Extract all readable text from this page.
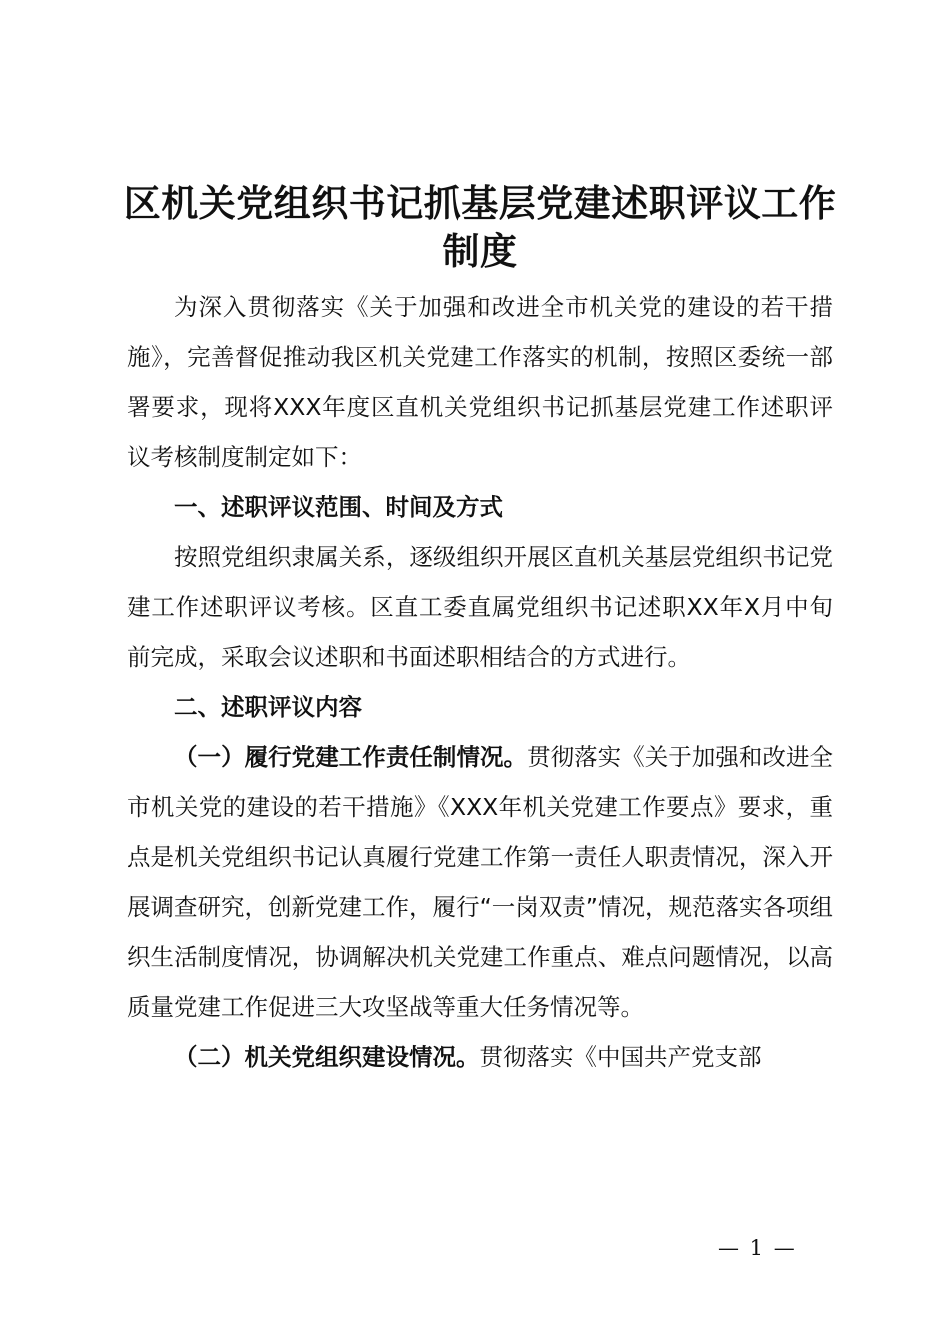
区机关党组织书记抓基层党建述职评议工作制度

为深入贯彻落实《关于加强和改进全市机关党的建设的若干措施》，完善督促推动我区机关党建工作落实的机制，按照区委统一部署要求，现将XXX年度区直机关党组织书记抓基层党建工作述职评议考核制度制定如下：

一、述职评议范围、时间及方式

按照党组织隶属关系，逐级组织开展区直机关基层党组织书记党建工作述职评议考核。区直工委直属党组织书记述职XX年X月中旬前完成，采取会议述职和书面述职相结合的方式进行。

二、述职评议内容

（一）履行党建工作责任制情况。贯彻落实《关于加强和改进全市机关党的建设的若干措施》《XXX年机关党建工作要点》要求，重点是机关党组织书记认真履行党建工作第一责任人职责情况，深入开展调查研究，创新党建工作，履行“一岗双责”情况，规范落实各项组织生活制度情况，协调解决机关党建工作重点、难点问题情况，以高质量党建工作促进三大攻坚战等重大任务情况等。

（二）机关党组织建设情况。贯彻落实《中国共产党支部

— 1 —
